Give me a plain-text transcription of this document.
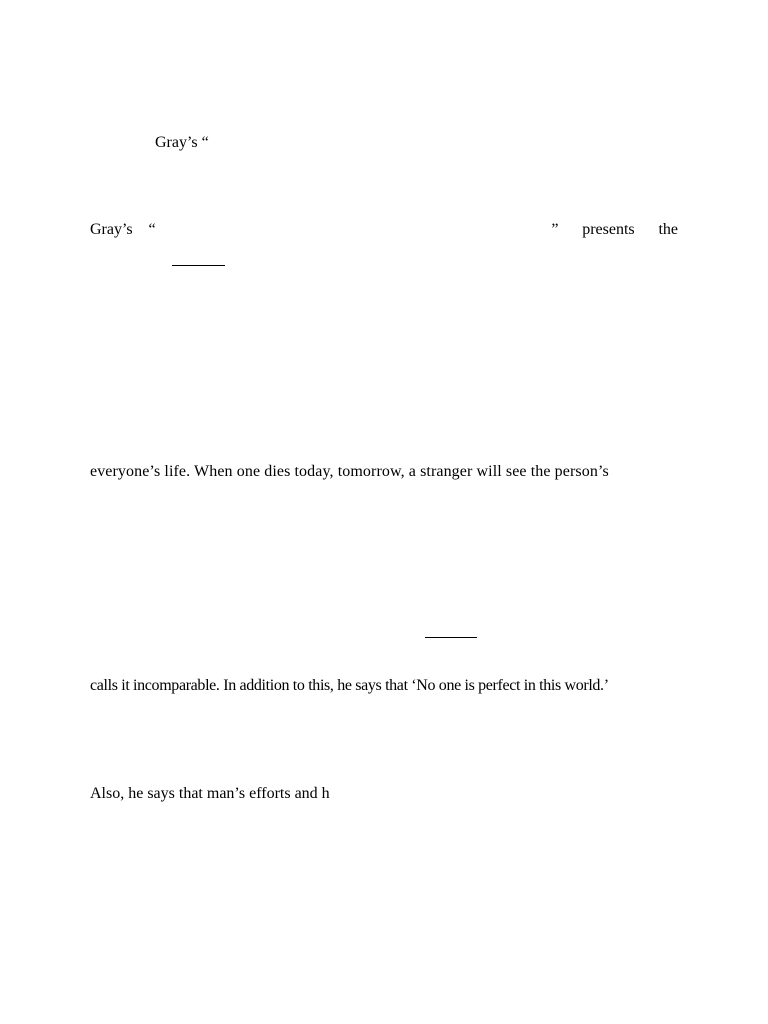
Gray’s “
Gray’s “	” presents the
everyone’s life. When one dies today, tomorrow, a stranger will see the person’s
calls it incomparable. In addition to this, he says that ‘No one is perfect in this world.’
Also, he says that man’s efforts and h
